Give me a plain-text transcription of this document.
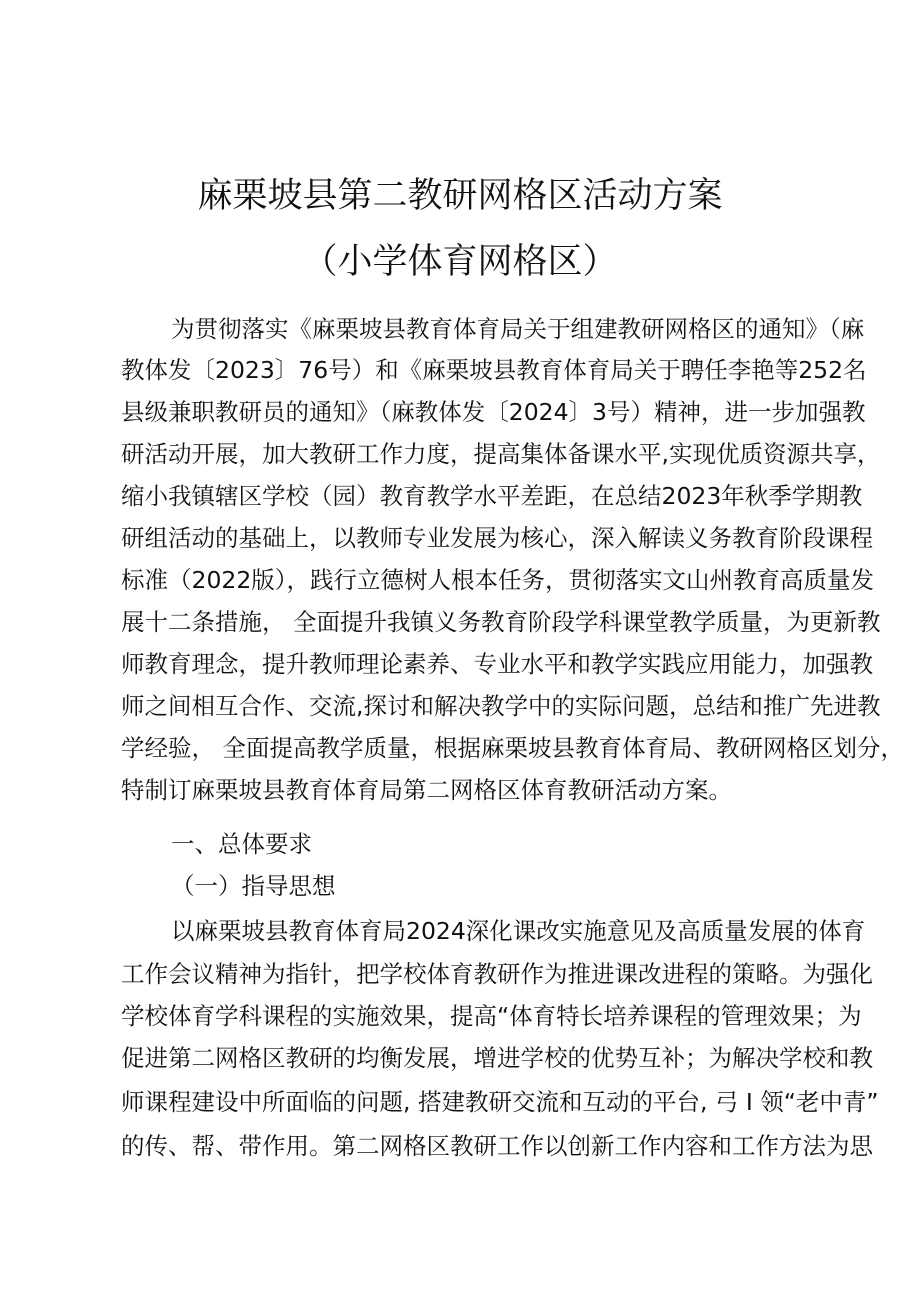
麻栗坡县第二教研网格区活动方案
（小学体育网格区）
为贯彻落实《麻栗坡县教育体育局关于组建教研网格区的通知》（麻
教体发〔2023〕76号）和《麻栗坡县教育体育局关于聘任李艳等252名
县级兼职教研员的通知》（麻教体发〔2024〕3号）精神，进一步加强教
研活动开展，加大教研工作力度，提高集体备课水平,实现优质资源共享，
缩小我镇辖区学校（园）教育教学水平差距，在总结2023年秋季学期教
研组活动的基础上，以教师专业发展为核心，深入解读义务教育阶段课程
标准（2022版），践行立德树人根本任务，贯彻落实文山州教育高质量发
展十二条措施， 全面提升我镇义务教育阶段学科课堂教学质量，为更新教
师教育理念，提升教师理论素养、专业水平和教学实践应用能力，加强教
师之间相互合作、交流,探讨和解决教学中的实际问题，总结和推广先进教
学经验， 全面提高教学质量，根据麻栗坡县教育体育局、教研网格区划分，
特制订麻栗坡县教育体育局第二网格区体育教研活动方案。
一、总体要求
（一）指导思想
以麻栗坡县教育体育局2024深化课改实施意见及高质量发展的体育
工作会议精神为指针，把学校体育教研作为推进课改进程的策略。为强化
学校体育学科课程的实施效果，提高“体育特长培养课程的管理效果；为
促进第二网格区教研的均衡发展，增进学校的优势互补；为解决学校和教
师课程建设中所面临的问题, 搭建教研交流和互动的平台, 弓 I 领“老中青”
的传、帮、带作用。第二网格区教研工作以创新工作内容和工作方法为思
